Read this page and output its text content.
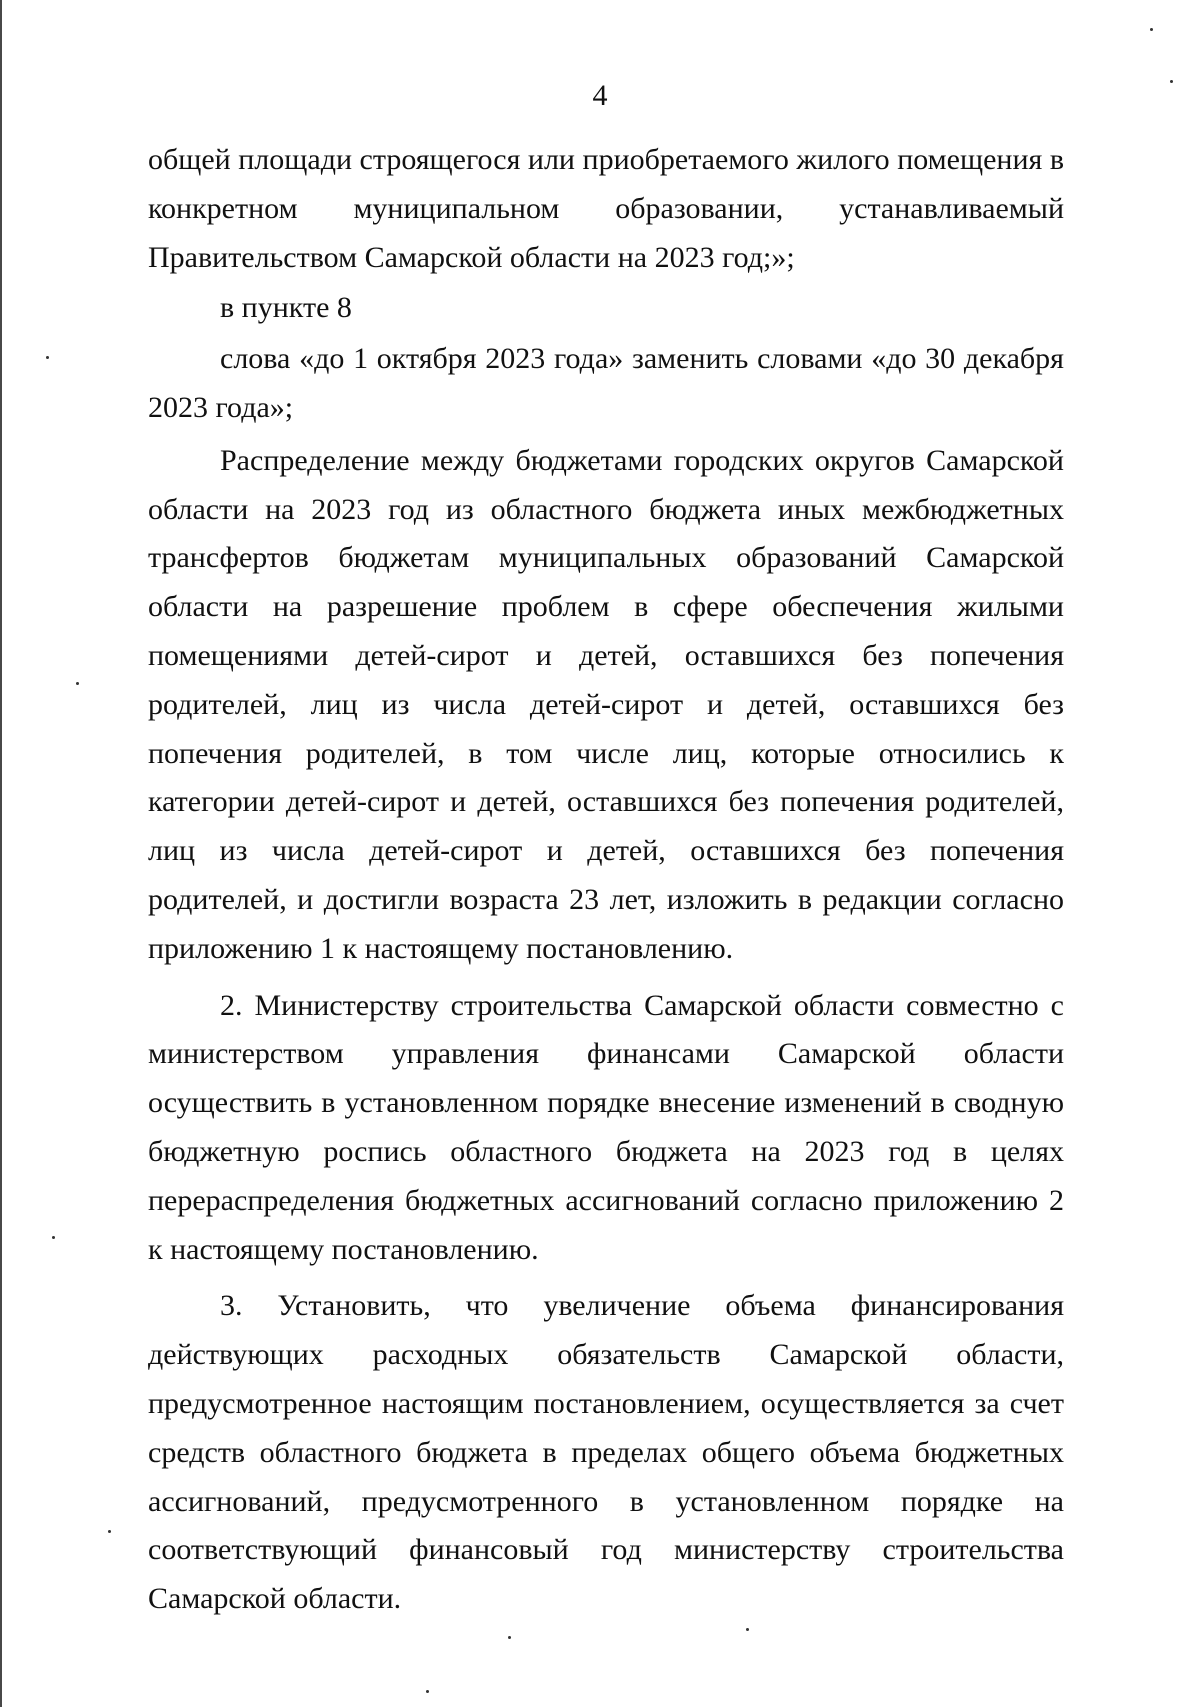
4

общей площади строящегося или приобретаемого жилого помещения в конкретном муниципальном образовании, устанавливаемый Правительством Самарской области на 2023 год;»;

в пункте 8

слова «до 1 октября 2023 года» заменить словами «до 30 декабря 2023 года»;

Распределение между бюджетами городских округов Самарской области на 2023 год из областного бюджета иных межбюджетных трансфертов бюджетам муниципальных образований Самарской области на разрешение проблем в сфере обеспечения жилыми помещениями детей-сирот и детей, оставшихся без попечения родителей, лиц из числа детей-сирот и детей, оставшихся без попечения родителей, в том числе лиц, которые относились к категории детей-сирот и детей, оставшихся без попечения родителей, лиц из числа детей-сирот и детей, оставшихся без попечения родителей, и достигли возраста 23 лет, изложить в редакции согласно приложению 1 к настоящему постановлению.

2. Министерству строительства Самарской области совместно с министерством управления финансами Самарской области осуществить в установленном порядке внесение изменений в сводную бюджетную роспись областного бюджета на 2023 год в целях перераспределения бюджетных ассигнований согласно приложению 2 к настоящему постановлению.

3. Установить, что увеличение объема финансирования действующих расходных обязательств Самарской области, предусмотренное настоящим постановлением, осуществляется за счет средств областного бюджета в пределах общего объема бюджетных ассигнований, предусмотренного в установленном порядке на соответствующий финансовый год министерству строительства Самарской области.
